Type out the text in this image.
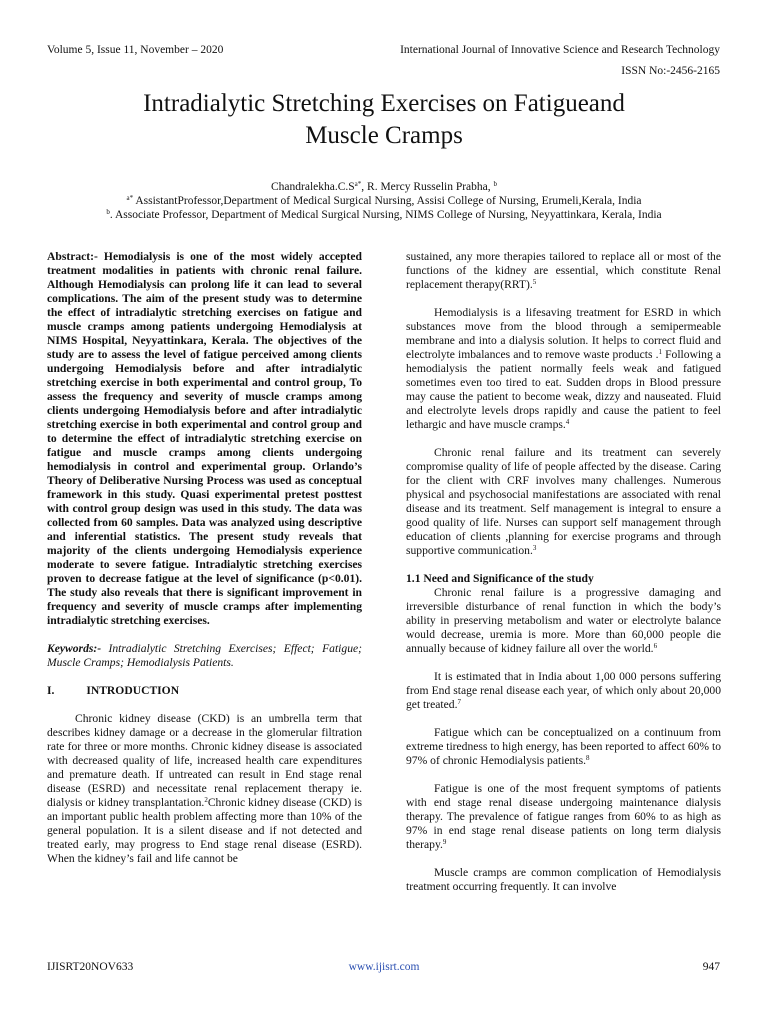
Volume 5, Issue 11, November – 2020	International Journal of Innovative Science and Research Technology
ISSN No:-2456-2165
Intradialytic Stretching Exercises on Fatigueand
Muscle Cramps
$Chandralekha.C.S^{a*}$, R. Mercy Russelin Prabha, $^b$
$^{a*}$ AssistantProfessor,Department of Medical Surgical Nursing, Assisi College of Nursing, Erumeli,Kerala, India
$^b$. Associate Professor, Department of Medical Surgical Nursing, NIMS College of Nursing, Neyyattinkara, Kerala, India

Abstract:- Hemodialysis is one of the most widely accepted treatment modalities in patients with chronic renal failure. Although Hemodialysis can prolong life it can lead to several complications. The aim of the present study was to determine the effect of intradialytic stretching exercises on fatigue and muscle cramps among patients undergoing Hemodialysis at NIMS Hospital, Neyyattinkara, Kerala. The objectives of the study are to assess the level of fatigue perceived among clients undergoing Hemodialysis before and after intradialytic stretching exercise in both experimental and control group, To assess the frequency and severity of muscle cramps among clients undergoing Hemodialysis before and after intradialytic stretching exercise in both experimental and control group and to determine the effect of intradialytic stretching exercise on fatigue and muscle cramps among clients undergoing hemodialysis in control and experimental group. Orlando’s Theory of Deliberative Nursing Process was used as conceptual framework in this study. Quasi experimental pretest posttest with control group design was used in this study. The data was collected from 60 samples. Data was analyzed using descriptive and inferential statistics. The present study reveals that majority of the clients undergoing Hemodialysis experience moderate to severe fatigue. Intradialytic stretching exercises proven to decrease fatigue at the level of significance (p<0.01). The study also reveals that there is significant improvement in frequency and severity of muscle cramps after implementing intradialytic stretching exercises.

Keywords:- Intradialytic Stretching Exercises; Effect; Fatigue; Muscle Cramps; Hemodialysis Patients.

I.	INTRODUCTION

Chronic kidney disease (CKD) is an umbrella term that describes kidney damage or a decrease in the glomerular filtration rate for three or more months. Chronic kidney disease is associated with decreased quality of life, increased health care expenditures and premature death. If untreated can result in End stage renal disease (ESRD) and necessitate renal replacement therapy ie. dialysis or kidney transplantation.$^2$Chronic kidney disease (CKD) is an important public health problem affecting more than 10% of the general population. It is a silent disease and if not detected and treated early, may progress to End stage renal disease (ESRD). When the kidney’s fail and life cannot be

sustained, any more therapies tailored to replace all or most of the functions of the kidney are essential, which constitute Renal replacement therapy(RRT).$^5$

Hemodialysis is a lifesaving treatment for ESRD in which substances move from the blood through a semipermeable membrane and into a dialysis solution. It helps to correct fluid and electrolyte imbalances and to remove waste products .$^1$ Following a hemodialysis the patient normally feels weak and fatigued sometimes even too tired to eat. Sudden drops in Blood pressure may cause the patient to become weak, dizzy and nauseated. Fluid and electrolyte levels drops rapidly and cause the patient to feel lethargic and have muscle cramps.$^4$

Chronic renal failure and its treatment can severely compromise quality of life of people affected by the disease. Caring for the client with CRF involves many challenges. Numerous physical and psychosocial manifestations are associated with renal disease and its treatment. Self management is integral to ensure a good quality of life. Nurses can support self management through education of clients ,planning for exercise programs and through supportive communication.$^3$

1.1 Need and Significance of the study

Chronic renal failure is a progressive damaging and irreversible disturbance of renal function in which the body’s ability in preserving metabolism and water or electrolyte balance would decrease, uremia is more. More than 60,000 people die annually because of kidney failure all over the world.$^6$

It is estimated that in India about 1,00 000 persons suffering from End stage renal disease each year, of which only about 20,000 get treated.$^7$

Fatigue which can be conceptualized on a continuum from extreme tiredness to high energy, has been reported to affect 60% to 97% of chronic Hemodialysis patients.$^8$

Fatigue is one of the most frequent symptoms of patients with end stage renal disease undergoing maintenance dialysis therapy. The prevalence of fatigue ranges from 60% to as high as 97% in end stage renal disease patients on long term dialysis therapy.$^9$

Muscle cramps are common complication of Hemodialysis treatment occurring frequently. It can involve

IJISRT20NOV633	www.ijisrt.com	947
